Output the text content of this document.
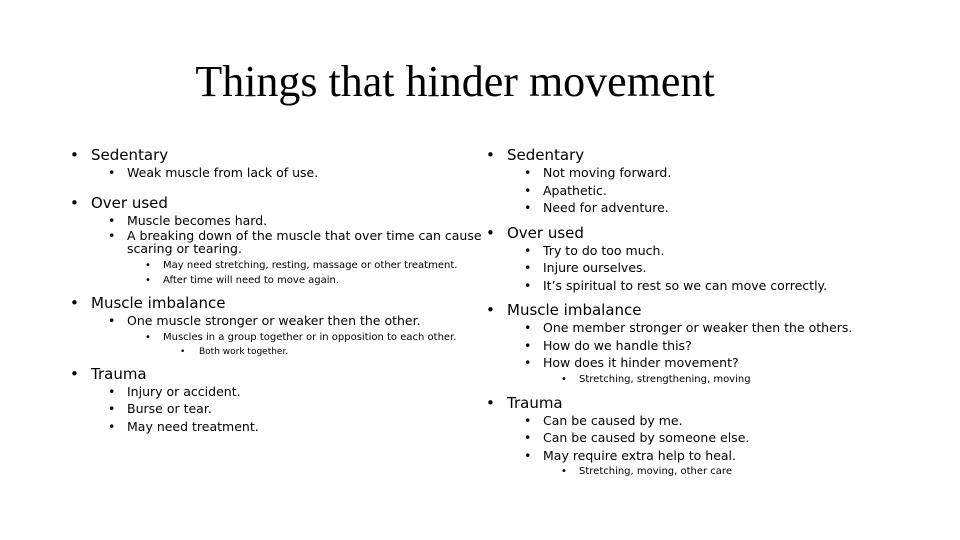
Things that hinder movement
• Sedentary
• Weak muscle from lack of use.
• Over used
• Muscle becomes hard.
• A breaking down of the muscle that over time can cause scaring or tearing.
• May need stretching, resting, massage or other treatment.
• After time will need to move again.
• Muscle imbalance
• One muscle stronger or weaker then the other.
• Muscles in a group together or in opposition to each other.
• Both work together.
• Trauma
• Injury or accident.
• Burse or tear.
• May need treatment.
• Sedentary
• Not moving forward.
• Apathetic.
• Need for adventure.
• Over used
• Try to do too much.
• Injure ourselves.
• It’s spiritual to rest so we can move correctly.
• Muscle imbalance
• One member stronger or weaker then the others.
• How do we handle this?
• How does it hinder movement?
• Stretching, strengthening, moving
• Trauma
• Can be caused by me.
• Can be caused by someone else.
• May require extra help to heal.
• Stretching, moving, other care
